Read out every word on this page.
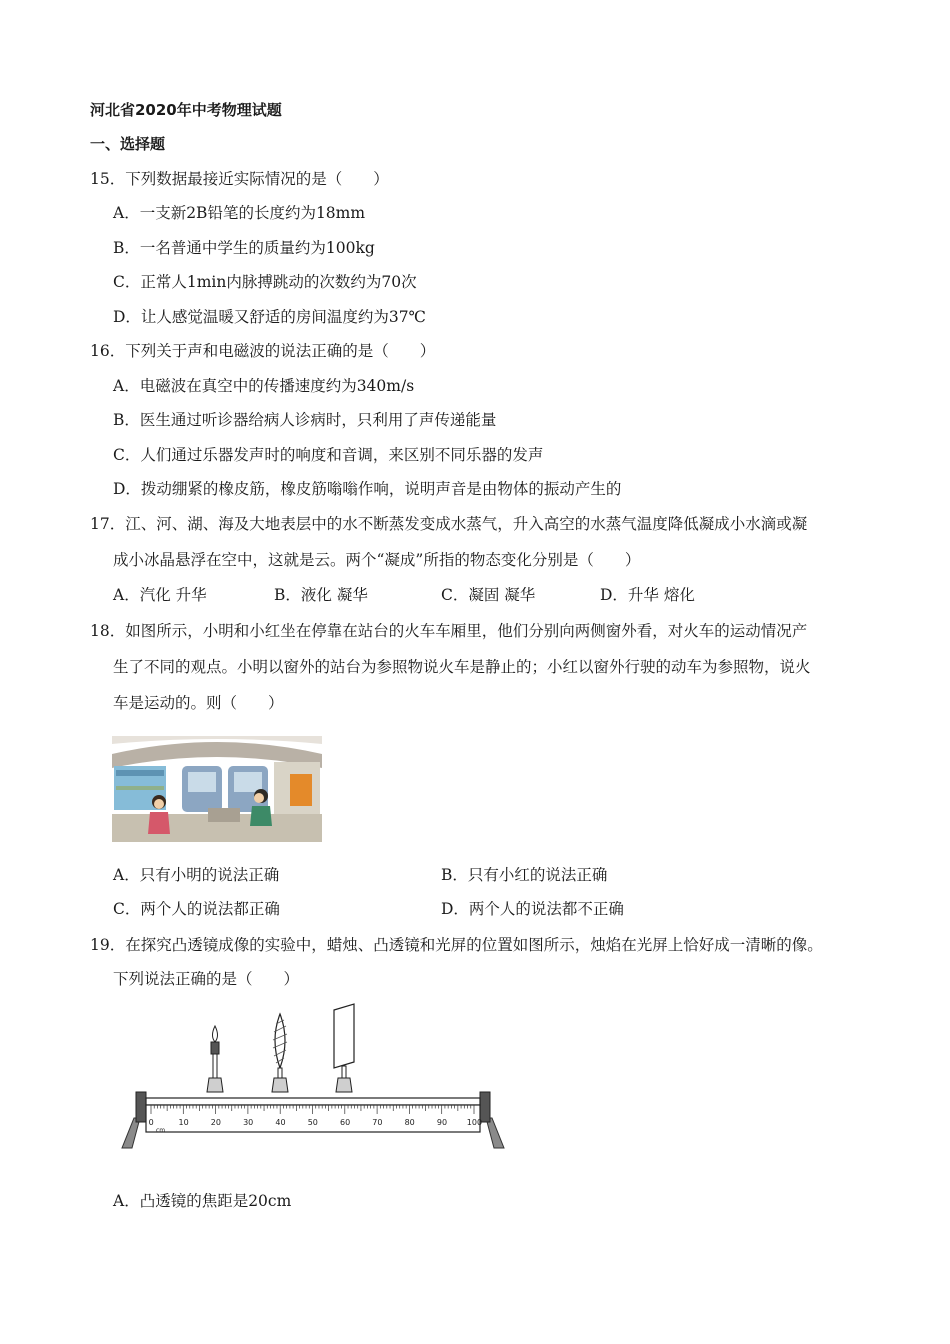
河北省2020年中考物理试题
一、选择题
15．下列数据最接近实际情况的是（　　）
A．一支新2B铅笔的长度约为18mm
B．一名普通中学生的质量约为100kg
C．正常人1min内脉搏跳动的次数约为70次
D．让人感觉温暖又舒适的房间温度约为37℃
16．下列关于声和电磁波的说法正确的是（　　）
A．电磁波在真空中的传播速度约为340m/s
B．医生通过听诊器给病人诊病时，只利用了声传递能量
C．人们通过乐器发声时的响度和音调，来区别不同乐器的发声
D．拨动绷紧的橡皮筋，橡皮筋嗡嗡作响，说明声音是由物体的振动产生的
17．江、河、湖、海及大地表层中的水不断蒸发变成水蒸气，升入高空的水蒸气温度降低凝成小水滴或凝
成小冰晶悬浮在空中，这就是云。两个“凝成”所指的物态变化分别是（　　）
A．汽化 升华	B．液化 凝华	C．凝固 凝华	D．升华 熔化
18．如图所示，小明和小红坐在停靠在站台的火车车厢里，他们分别向两侧窗外看，对火车的运动情况产
生了不同的观点。小明以窗外的站台为参照物说火车是静止的；小红以窗外行驶的动车为参照物，说火
车是运动的。则（　　）
A．只有小明的说法正确	B．只有小红的说法正确
C．两个人的说法都正确	D．两个人的说法都不正确
19．在探究凸透镜成像的实验中，蜡烛、凸透镜和光屏的位置如图所示，烛焰在光屏上恰好成一清晰的像。
下列说法正确的是（　　）
0	10	20	30	40	50	60	70	80	90 100
cm
A．凸透镜的焦距是20cm
